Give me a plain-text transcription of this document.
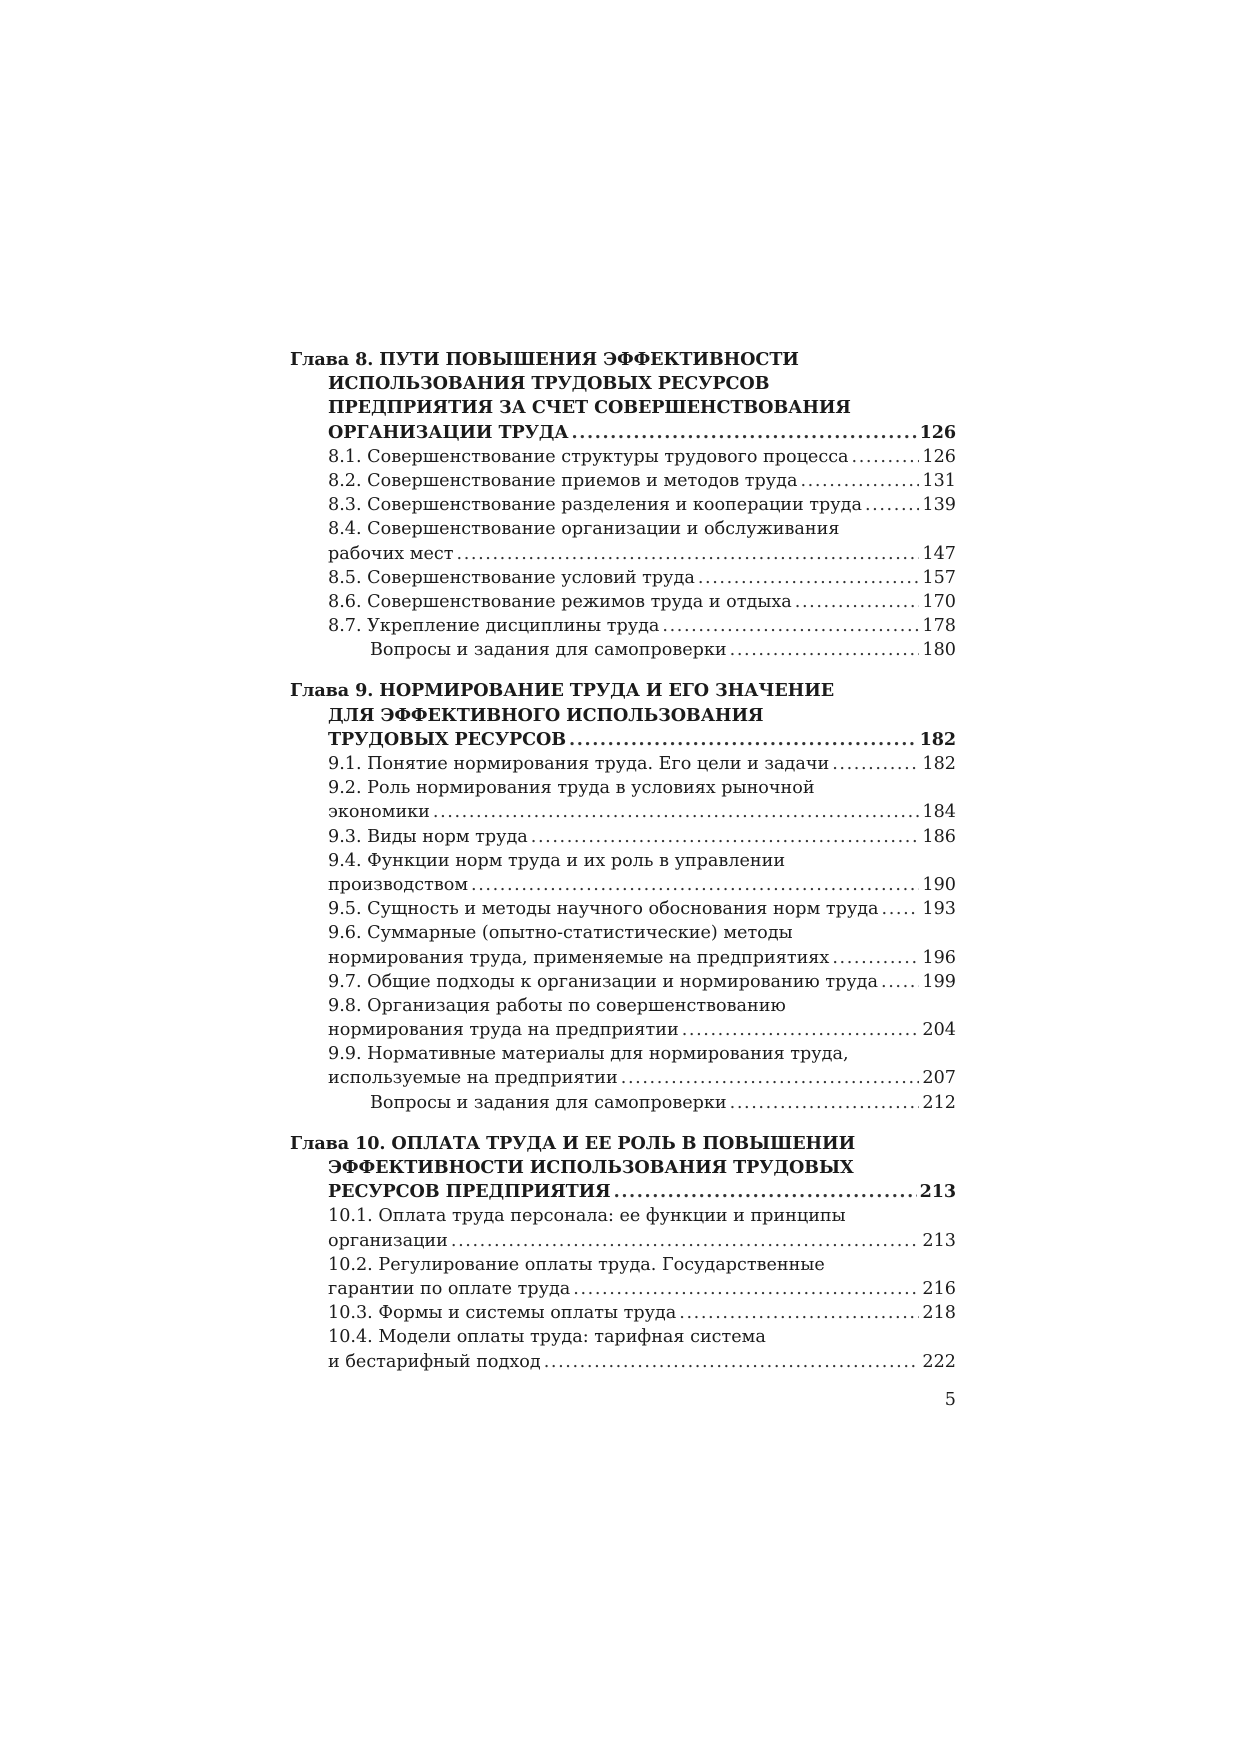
Глава 8. ПУТИ ПОВЫШЕНИЯ ЭФФЕКТИВНОСТИ
ИСПОЛЬЗОВАНИЯ ТРУДОВЫХ РЕСУРСОВ
ПРЕДПРИЯТИЯ ЗА СЧЕТ СОВЕРШЕНСТВОВАНИЯ
ОРГАНИЗАЦИИ ТРУДА .....	126
8.1. Совершенствование структуры трудового процесса .....	126
8.2. Совершенствование приемов и методов труда .....	131
8.3. Совершенствование разделения и кооперации труда .....	139
8.4. Совершенствование организации и обслуживания
рабочих мест .....	147
8.5. Совершенствование условий труда .....	157
8.6. Совершенствование режимов труда и отдыха .....	170
8.7. Укрепление дисциплины труда .....	178
Вопросы и задания для самопроверки .....	180
Глава 9. НОРМИРОВАНИЕ ТРУДА И ЕГО ЗНАЧЕНИЕ
ДЛЯ ЭФФЕКТИВНОГО ИСПОЛЬЗОВАНИЯ
ТРУДОВЫХ РЕСУРСОВ .....	182
9.1. Понятие нормирования труда. Его цели и задачи .....	182
9.2. Роль нормирования труда в условиях рыночной
экономики .....	184
9.3. Виды норм труда .....	186
9.4. Функции норм труда и их роль в управлении
производством .....	190
9.5. Сущность и методы научного обоснования норм труда ..... 193
9.6. Суммарные (опытно-статистические) методы
нормирования труда, применяемые на предприятиях .....	196
9.7. Общие подходы к организации и нормированию труда .....	199
9.8. Организация работы по совершенствованию
нормирования труда на предприятии .....	204
9.9. Нормативные материалы для нормирования труда,
используемые на предприятии .....	207
Вопросы и задания для самопроверки .....	212
Глава 10. ОПЛАТА ТРУДА И ЕЕ РОЛЬ В ПОВЫШЕНИИ
ЭФФЕКТИВНОСТИ ИСПОЛЬЗОВАНИЯ ТРУДОВЫХ
РЕСУРСОВ ПРЕДПРИЯТИЯ .....	213
10.1. Оплата труда персонала: ее функции и принципы
организации .....	213
10.2. Регулирование оплаты труда. Государственные
гарантии по оплате труда .....	216
10.3. Формы и системы оплаты труда .....	218
10.4. Модели оплаты труда: тарифная система
и бестарифный подход .....	222
5
